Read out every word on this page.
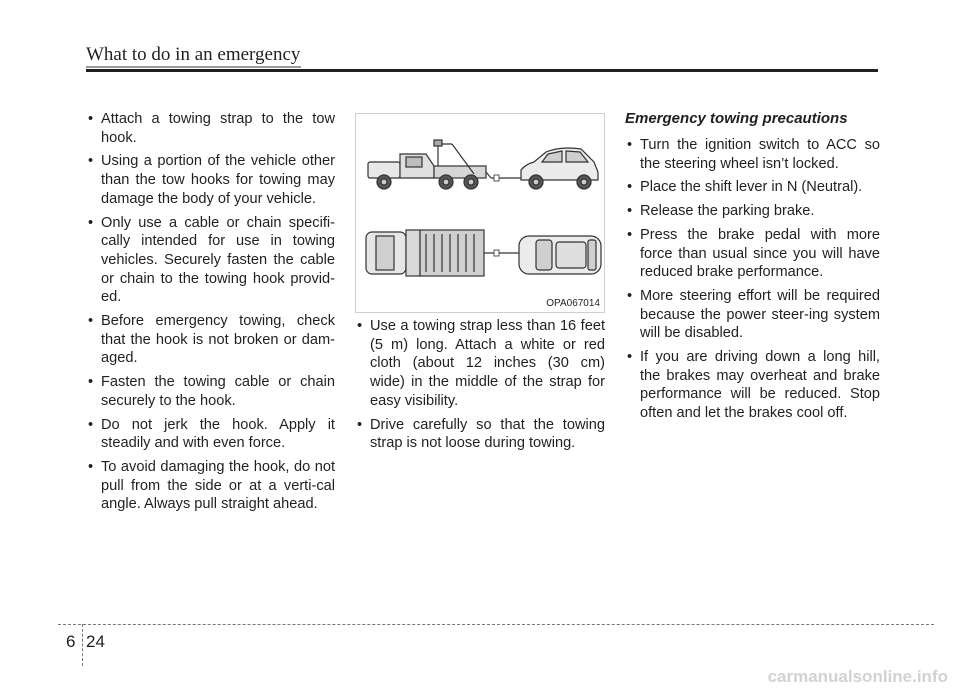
What to do in an emergency
• Attach a towing strap to the tow hook.
• Using a portion of the vehicle other than the tow hooks for towing may damage the body of your vehicle.
• Only use a cable or chain specifi-cally intended for use in towing vehicles. Securely fasten the cable or chain to the towing hook provid-ed.
• Before emergency towing, check that the hook is not broken or dam-aged.
• Fasten the towing cable or chain securely to the hook.
• Do not jerk the hook. Apply it steadily and with even force.
• To avoid damaging the hook, do not pull from the side or at a verti-cal angle. Always pull straight ahead.
OPA067014
• Use a towing strap less than 16 feet (5 m) long. Attach a white or red cloth (about 12 inches (30 cm) wide) in the middle of the strap for easy visibility.
• Drive carefully so that the towing strap is not loose during towing.
Emergency towing precautions
• Turn the ignition switch to ACC so the steering wheel isn’t locked.
• Place the shift lever in N (Neutral).
• Release the parking brake.
• Press the brake pedal with more force than usual since you will have reduced brake performance.
• More steering effort will be required because the power steer-ing system will be disabled.
• If you are driving down a long hill, the brakes may overheat and brake performance will be reduced. Stop often and let the brakes cool off.
6 24
carmanualsonline.info
